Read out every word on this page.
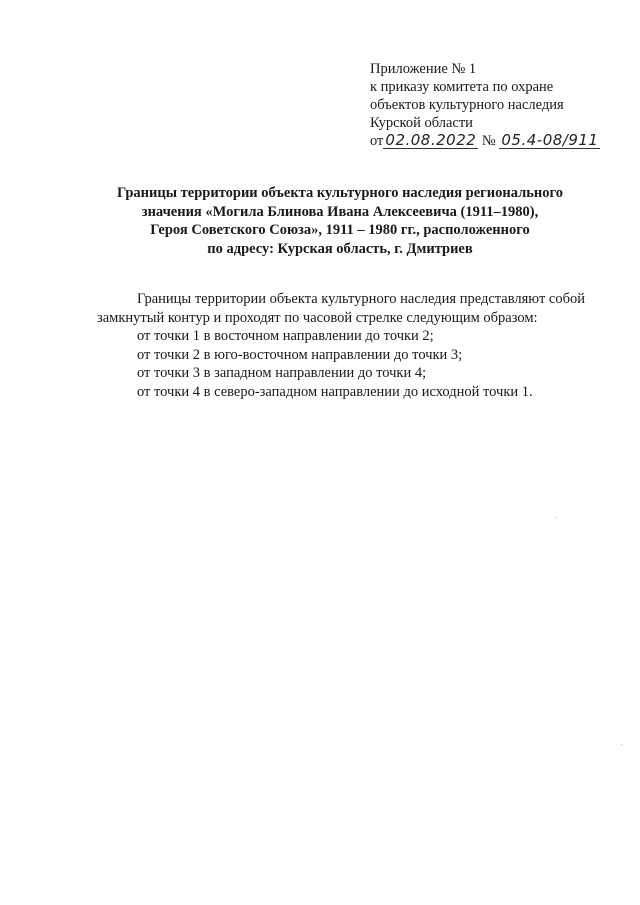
Приложение № 1
к приказу комитета по охране
объектов культурного наследия
Курской области
от 02.08.2022 № 05.4-08/911
Границы территории объекта культурного наследия регионального
значения «Могила Блинова Ивана Алексеевича (1911–1980),
Героя Советского Союза», 1911 – 1980 гг., расположенного
по адресу: Курская область, г. Дмитриев

Границы территории объекта культурного наследия представляют собой замкнутый контур и проходят по часовой стрелке следующим образом:

от точки 1 в восточном направлении до точки 2;
от точки 2 в юго-восточном направлении до точки 3;
от точки 3 в западном направлении до точки 4;
от точки 4 в северо-западном направлении до исходной точки 1.
